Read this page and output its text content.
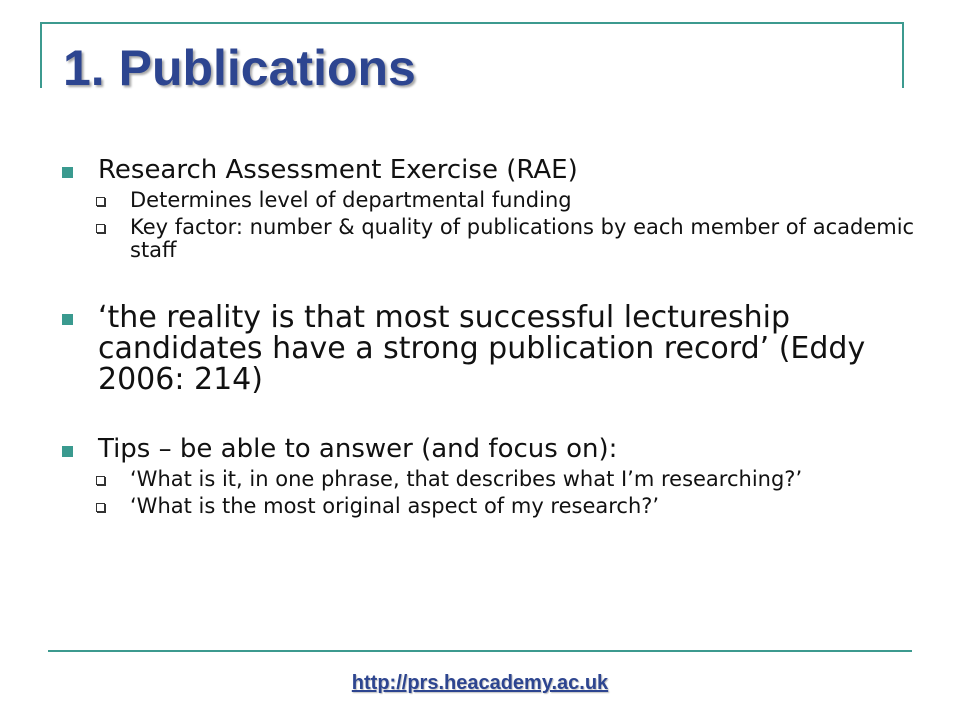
1. Publications
Research Assessment Exercise (RAE)
Determines level of departmental funding
Key factor: number & quality of publications by each member of academic staff
‘the reality is that most successful lectureship candidates have a strong publication record’ (Eddy 2006: 214)
Tips – be able to answer (and focus on):
‘What is it, in one phrase, that describes what I’m researching?’
‘What is the most original aspect of my research?’
http://prs.heacademy.ac.uk
